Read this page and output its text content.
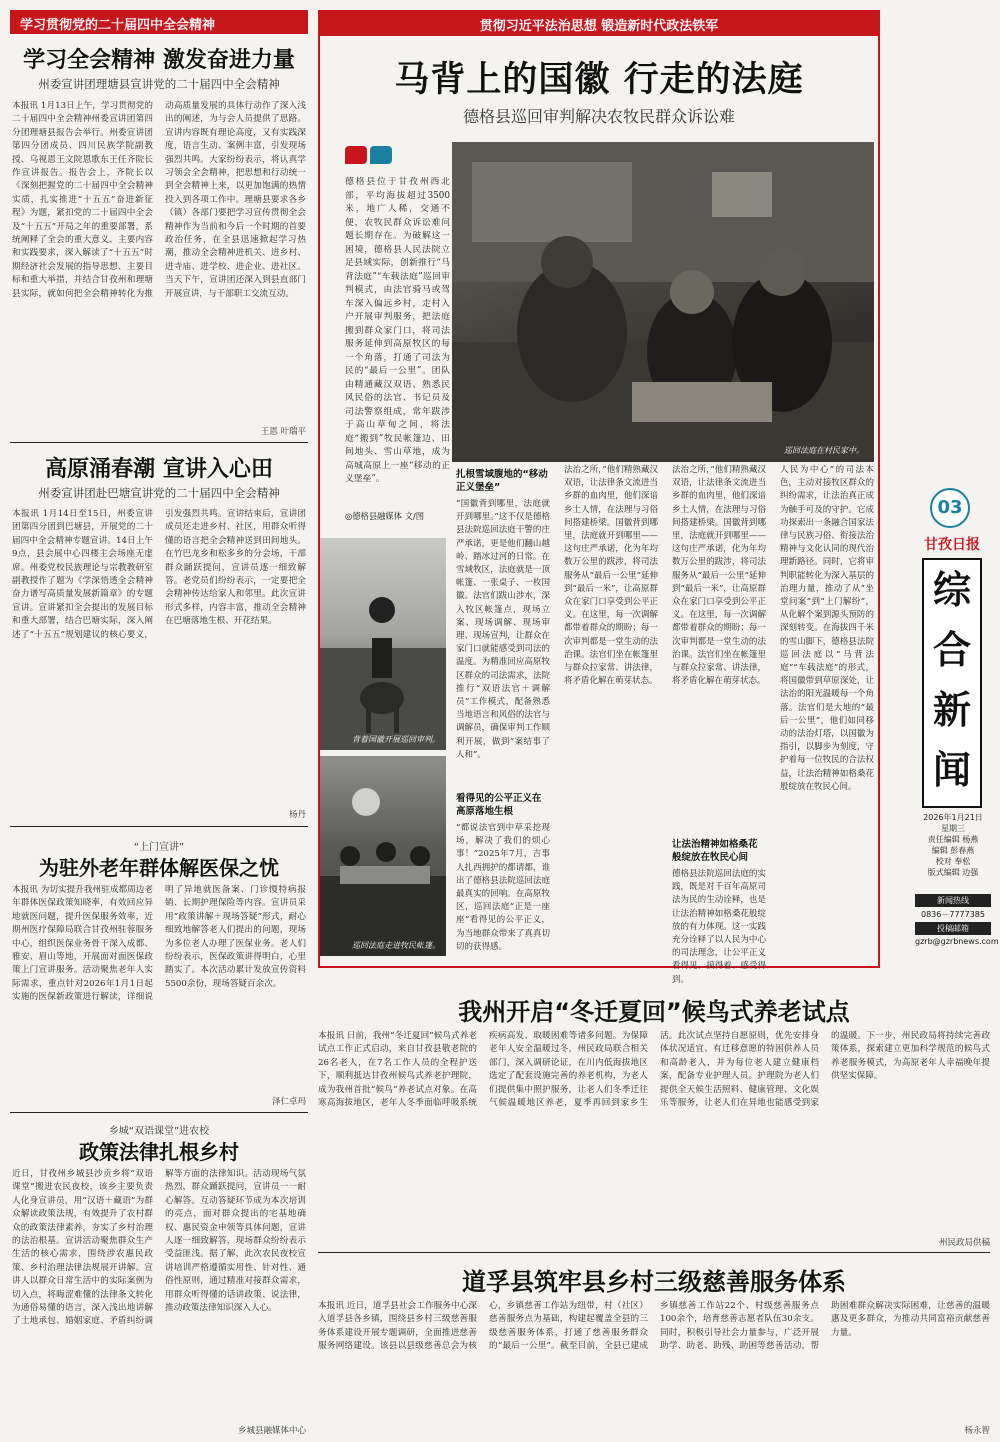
学习贯彻党的二十届四中全会精神
学习全会精神 激发奋进力量
州委宣讲团理塘县宣讲党的二十届四中全会精神
本报讯 1月13日上午，学习贯彻党的二十届四中全会精神州委宣讲团第四分团理塘县报告会举行。州委宣讲团第四分团成员、四川民族学院副教授、乌视恩王文院恩歌东王任齐院长作宣讲报告。报告会上，齐院长以《深刻把握党的二十届四中全会精神实质，扎实推进“十五五”奋进新征程》为题，紧扣党的二十届四中全会及“十五五”开局之年的重要部署，系统阐释了全会的重大意义、主要内容和实践要求，深入解读了“十五五”时期经济社会发展的指导思想、主要目标和重大举措，并结合甘孜州和理塘县实际，就如何把全会精神转化为推动高质量发展的具体行动作了深入浅出的阐述，为与会人员提供了思路。宣讲内容既有理论高度，又有实践深度，语言生动、案例丰富，引发现场强烈共鸣。大家纷纷表示，将认真学习领会全会精神，把思想和行动统一到全会精神上来，以更加饱满的热情投入到各项工作中。理塘县要求各乡（镇）各部门要把学习宣传贯彻全会精神作为当前和今后一个时期的首要政治任务，在全县迅速掀起学习热潮，推动全会精神进机关、进乡村、进寺庙、进学校、进企业、进社区。当天下午，宣讲团还深入到县直部门开展宣讲，与干部职工交流互动。
王恩 叶瑞平
高原涌春潮 宣讲入心田
州委宣讲团赴巴塘宣讲党的二十届四中全会精神
本报讯 1月14日至15日，州委宣讲团第四分团到巴塘县，开展党的二十届四中全会精神专题宣讲。14日上午9点，县会展中心四楼主会场座无虚席。州委党校民族理论与宗教教研室副教授作了题为《学深悟透全会精神 奋力谱写高质量发展新篇章》的专题宣讲。宣讲紧扣全会提出的发展目标和重大部署，结合巴塘实际，深入阐述了“十五五”规划建议的核心要义，引发强烈共鸣。宣讲结束后，宣讲团成员还走进乡村、社区，用群众听得懂的语言把全会精神送到田间地头。在竹巴龙乡和松多乡的分会场，干部群众踊跃提问，宣讲员逐一细致解答。老党员们纷纷表示，一定要把全会精神传达给家人和邻里。此次宣讲形式多样，内容丰富，推动全会精神在巴塘落地生根、开花结果。
杨丹
“上门宣讲”
为驻外老年群体解医保之忧
本报讯 为切实提升我州驻成都周边老年群体医保政策知晓率，有效回应异地就医问题，提升医保服务效率，近期州医疗保障局联合甘孜州驻蓉服务中心，组织医保业务骨干深入成都、雅安、眉山等地，开展面对面医保政策上门宣讲服务。活动聚焦老年人实际需求，重点针对2026年1月1日起实施的医保新政策进行解读，详细说明了异地就医备案、门诊慢特病报销、长期护理保险等内容。宣讲员采用“政策讲解＋现场答疑”形式，耐心细致地解答老人们提出的问题，现场为多位老人办理了医保业务。老人们纷纷表示，医保政策讲得明白，心里踏实了。本次活动累计发放宣传资料5500余份，现场答疑百余次。
泽仁卓玛
乡城“双语课堂”进农校
政策法律扎根乡村
近日，甘孜州乡城县沙贡乡将“双语课堂”搬进农民夜校，该乡主要负责人化身宣讲员，用“汉语＋藏语”为群众解读政策法规，有效提升了农村群众的政策法律素养，夯实了乡村治理的法治根基。宣讲活动聚焦群众生产生活的核心需求，围绕涉农惠民政策、乡村治理法律法规展开讲解。宣讲人以群众日常生活中的实际案例为切入点，将晦涩难懂的法律条文转化为通俗易懂的语言，深入浅出地讲解了土地承包、婚姻家庭、矛盾纠纷调解等方面的法律知识。活动现场气氛热烈，群众踊跃提问，宣讲员一一耐心解答。互动答疑环节成为本次培训的亮点，面对群众提出的宅基地确权、惠民资金申领等具体问题，宣讲人逐一细致解答，现场群众纷纷表示受益匪浅。据了解，此次农民夜校宣讲培训严格遵循实用性、针对性、通俗性原则，通过精准对接群众需求，用群众听得懂的话讲政策、说法律，推动政策法律知识深入人心。
乡城县融媒体中心
贯彻习近平法治思想 锻造新时代政法铁军
马背上的国徽 行走的法庭
德格县巡回审判解决农牧民群众诉讼难
德格县位于甘孜州西北部，平均海拔超过3500米，地广人稀，交通不便，农牧民群众诉讼难问题长期存在。为破解这一困境，德格县人民法院立足县域实际，创新推行“马背法庭”“车载法庭”巡回审判模式，由法官骑马或驾车深入偏远乡村，走村入户开展审判服务，把法庭搬到群众家门口，将司法服务延伸到高原牧区的每一个角落，打通了司法为民的“最后一公里”。团队由精通藏汉双语、熟悉民风民俗的法官、书记员及司法警察组成，常年跋涉于高山草甸之间，将法庭“搬到”牧民帐篷边、田间地头、雪山草地，成为高城高原上一座“移动的正义堡垒”。
◎德格县融媒体 文/图
巡回法庭在村民家中。
背着国徽开展巡回审判。
巡回法庭走进牧民帐篷。
扎根雪域腹地的“移动正义堡垒”
“国徽背到哪里，法庭就开到哪里。”这不仅是德格县法院巡回法庭干警的庄严承诺，更是他们翻山越岭、踏冰过河的日常。在雪域牧区，法庭就是一顶帐篷、一张桌子、一枚国徽。法官们跋山涉水，深入牧区帐篷点，现场立案、现场调解、现场审理、现场宣判，让群众在家门口就能感受到司法的温度。为精准回应高原牧区群众的司法需求，法院推行“双语法官＋调解员”工作模式，配备熟悉当地语言和风俗的法官与调解员，确保审判工作顺利开展，做到“案结事了人和”。
看得见的公平正义在高原落地生根
“都说法官到中草采挖现场，解决了我们的烦心事！”2025年7月，吉事人扎西拥护的都请都，谁出了德格县法院巡回法庭最真实的回响。在高原牧区，巡回法庭“正是一座座”看得见的公平正义，为当地群众带来了真真切切的获得感。
法治之所，”他们精熟藏汉双语，让法律条文流进当乡群的血肉里，他们深谙乡土人情，在法理与习俗间搭建桥梁。国徽背到哪里，法庭就开到哪里——这句庄严承诺，化为年均数万公里的跋涉，将司法服务从“最后一公里”延伸到“最后一米”，让高原群众在家门口享受到公平正义。在这里，每一次调解都带着群众的期盼；每一次审判都是一堂生动的法治课。法官们坐在帐篷里与群众拉家常、讲法律，将矛盾化解在萌芽状态。
法治之所，”他们精熟藏汉双语，让法律条文流进当乡群的血肉里，他们深谙乡土人情，在法理与习俗间搭建桥梁。国徽背到哪里，法庭就开到哪里——这句庄严承诺，化为年均数万公里的跋涉，将司法服务从“最后一公里”延伸到“最后一米”，让高原群众在家门口享受到公平正义。在这里，每一次调解都带着群众的期盼；每一次审判都是一堂生动的法治课。法官们坐在帐篷里与群众拉家常、讲法律，将矛盾化解在萌芽状态。
让法治精神如格桑花般绽放在牧民心间
德格县法院巡回法庭的实践，既是对千百年高原司法为民的生动诠释，也是让法治精神如格桑花般绽放的有力体现。这一实践充分诠释了以人民为中心的司法理念，让公平正义看得见、摸得着、感受得到。
人民为中心”的司法本色，主动对接牧区群众的纠纷需求，让法治真正成为触手可及的守护。它成功探索出一条融合国家法律与民族习俗、衔接法治精神与文化认同的现代治理新路径。同时，它将审判职能转化为深入基层的治理力量，推动了从“坐堂问案”到“上门解纷”，从化解个案到源头预防的深刻转变。在海拔四千米的雪山脚下，德格县法院巡回法庭以“马背法庭”“车载法庭”的形式，将国徽带到草原深处，让法治的阳光温暖每一个角落。法官们是大地的“最后一公里”，他们如同移动的法治灯塔，以国徽为指引，以脚步为刻度，守护着每一位牧民的合法权益，让法治精神如格桑花般绽放在牧民心间。
03
甘孜日报
综
合
新
闻
2026年1月21日
星期三
责任编辑 杨燕
编辑 彭春燕
校对 奉松
版式编辑 边强
新闻热线
0836－7777385
投稿邮箱
gzrb@gzrbnews.com
我州开启“冬迁夏回”候鸟式养老试点
本报讯 日前，我州“冬迁夏回”候鸟式养老试点工作正式启动，来自甘孜县敬老院的26名老人，在7名工作人员的全程护送下，顺利抵达甘孜州候鸟式养老护理院，成为我州首批“候鸟”养老试点对象。在高寒高海拔地区，老年人冬季面临呼吸系统疾病高发、取暖困难等诸多问题。为保障老年人安全温暖过冬，州民政局联合相关部门，深入调研论证，在川内低海拔地区选定了配套设施完善的养老机构，为老人们提供集中照护服务，让老人们冬季迁往气候温暖地区养老，夏季再回到家乡生活。此次试点坚持自愿原则，优先安排身体状况适宜、有迁移意愿的特困供养人员和高龄老人，并为每位老人建立健康档案，配备专业护理人员。护理院为老人们提供全天候生活照料、健康管理、文化娱乐等服务，让老人们在异地也能感受到家的温暖。下一步，州民政局将持续完善政策体系，探索建立更加科学规范的候鸟式养老服务模式，为高原老年人幸福晚年提供坚实保障。
州民政局供稿
道孚县筑牢县乡村三级慈善服务体系
本报讯 近日，道孚县社会工作服务中心深入道孚县各乡镇，围绕县乡村三级慈善服务体系建设开展专题调研，全面推进慈善服务网络建设。该县以县级慈善总会为核心，乡镇慈善工作站为纽带，村（社区）慈善服务点为基础，构建起覆盖全县的三级慈善服务体系，打通了慈善服务群众的“最后一公里”。截至目前，全县已建成乡镇慈善工作站22个、村级慈善服务点100余个，培育慈善志愿者队伍30余支。同时，积极引导社会力量参与，广泛开展助学、助老、助残、助困等慈善活动，帮助困难群众解决实际困难，让慈善的温暖惠及更多群众，为推动共同富裕贡献慈善力量。
杨永智
